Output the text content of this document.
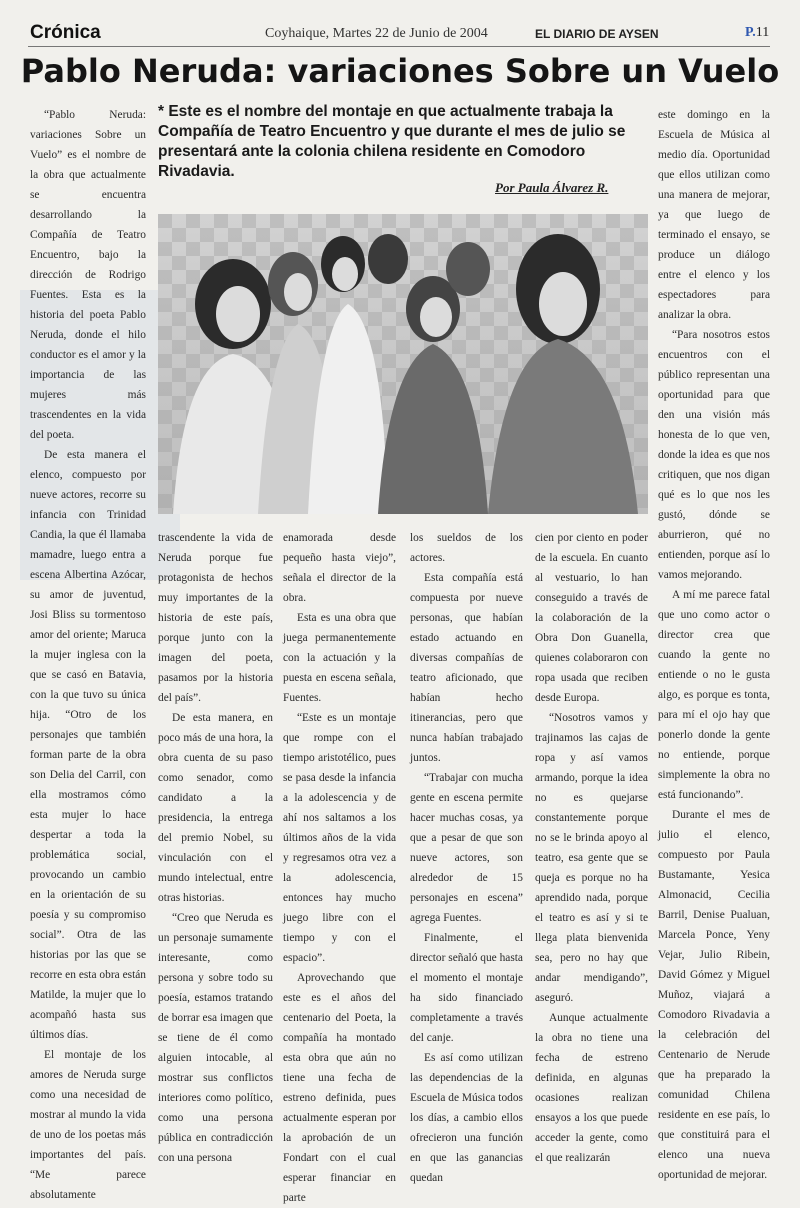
Crónica	Coyhaique, Martes 22 de Junio de 2004	EL DIARIO DE AYSEN	P.11
Pablo Neruda: variaciones Sobre un Vuelo
* Este es el nombre del montaje en que actualmente trabaja la Compañía de Teatro Encuentro y que durante el mes de julio se presentará ante la colonia chilena residente en Comodoro Rivadavia.
Por Paula Álvarez R.

“Pablo Neruda: variaciones Sobre un Vuelo” es el nombre de la obra que actualmente se encuentra desarrollando la Compañía de Teatro Encuentro, bajo la dirección de Rodrigo Fuentes. Esta es la historia del poeta Pablo Neruda, donde el hilo conductor es el amor y la importancia de las mujeres más trascendentes en la vida del poeta.

De esta manera el elenco, compuesto por nueve actores, recorre su infancia con Trinidad Candia, la que él llamaba mamadre, luego entra a escena Albertina Azócar, su amor de juventud, Josi Bliss su tormentoso amor del oriente; Maruca la mujer inglesa con la que se casó en Batavia, con la que tuvo su única hija. “Otro de los personajes que también forman parte de la obra son Delia del Carril, con ella mostramos cómo esta mujer lo hace despertar a toda la problemática social, provocando un cambio en la orientación de su poesía y su compromiso social”. Otra de las historias por las que se recorre en esta obra están Matilde, la mujer que lo acompañó hasta sus últimos días.

El montaje de los amores de Neruda surge como una necesidad de mostrar al mundo la vida de uno de los poetas más importantes del país. “Me parece absolutamente

trascendente la vida de Neruda porque fue protagonista de hechos muy importantes de la historia de este país, porque junto con la imagen del poeta, pasamos por la historia del país”.

De esta manera, en poco más de una hora, la obra cuenta de su paso como senador, como candidato a la presidencia, la entrega del premio Nobel, su vinculación con el mundo intelectual, entre otras historias.

“Creo que Neruda es un personaje sumamente interesante, como persona y sobre todo su poesía, estamos tratando de borrar esa imagen que se tiene de él como alguien intocable, al mostrar sus conflictos interiores como político, como una persona pública en contradicción con una persona

enamorada desde pequeño hasta viejo”, señala el director de la obra.

Esta es una obra que juega permanentemente con la actuación y la puesta en escena señala, Fuentes.

“Este es un montaje que rompe con el tiempo aristotélico, pues se pasa desde la infancia a la adolescencia y de ahí nos saltamos a los últimos años de la vida y regresamos otra vez a la adolescencia, entonces hay mucho juego libre con el tiempo y con el espacio”.

Aprovechando que este es el años del centenario del Poeta, la compañía ha montado esta obra que aún no tiene una fecha de estreno definida, pues actualmente esperan por la aprobación de un Fondart con el cual esperar financiar en parte

los sueldos de los actores.

Esta compañía está compuesta por nueve personas, que habían estado actuando en diversas compañías de teatro aficionado, que habían hecho itinerancias, pero que nunca habían trabajado juntos.

“Trabajar con mucha gente en escena permite hacer muchas cosas, ya que a pesar de que son nueve actores, son alrededor de 15 personajes en escena” agrega Fuentes.

Finalmente, el director señaló que hasta el momento el montaje ha sido financiado completamente a través del canje.

Es así como utilizan las dependencias de la Escuela de Música todos los días, a cambio ellos ofrecieron una función en que las ganancias quedan

cien por ciento en poder de la escuela. En cuanto al vestuario, lo han conseguido a través de la colaboración de la Obra Don Guanella, quienes colaboraron con ropa usada que reciben desde Europa.

“Nosotros vamos y trajinamos las cajas de ropa y así vamos armando, porque la idea no es quejarse constantemente porque no se le brinda apoyo al teatro, esa gente que se queja es porque no ha aprendido nada, porque el teatro es así y si te llega plata bienvenida sea, pero no hay que andar mendigando”, aseguró.

Aunque actualmente la obra no tiene una fecha de estreno definida, en algunas ocasiones realizan ensayos a los que puede acceder la gente, como el que realizarán

este domingo en la Escuela de Música al medio día. Oportunidad que ellos utilizan como una manera de mejorar, ya que luego de terminado el ensayo, se produce un diálogo entre el elenco y los espectadores para analizar la obra.

“Para nosotros estos encuentros con el público representan una oportunidad para que den una visión más honesta de lo que ven, donde la idea es que nos critiquen, que nos digan qué es lo que nos les gustó, dónde se aburrieron, qué no entienden, porque así lo vamos mejorando.

A mí me parece fatal que uno como actor o director crea que cuando la gente no entiende o no le gusta algo, es porque es tonta, para mí el ojo hay que ponerlo donde la gente no entiende, porque simplemente la obra no está funcionando”.

Durante el mes de julio el elenco, compuesto por Paula Bustamante, Yesica Almonacid, Cecilia Barril, Denise Pualuan, Marcela Ponce, Yeny Vejar, Julio Ribein, David Gómez y Miguel Muñoz, viajará a Comodoro Rivadavia a la celebración del Centenario de Nerude que ha preparado la comunidad Chilena residente en ese país, lo que constituirá para el elenco una nueva oportunidad de mejorar.
